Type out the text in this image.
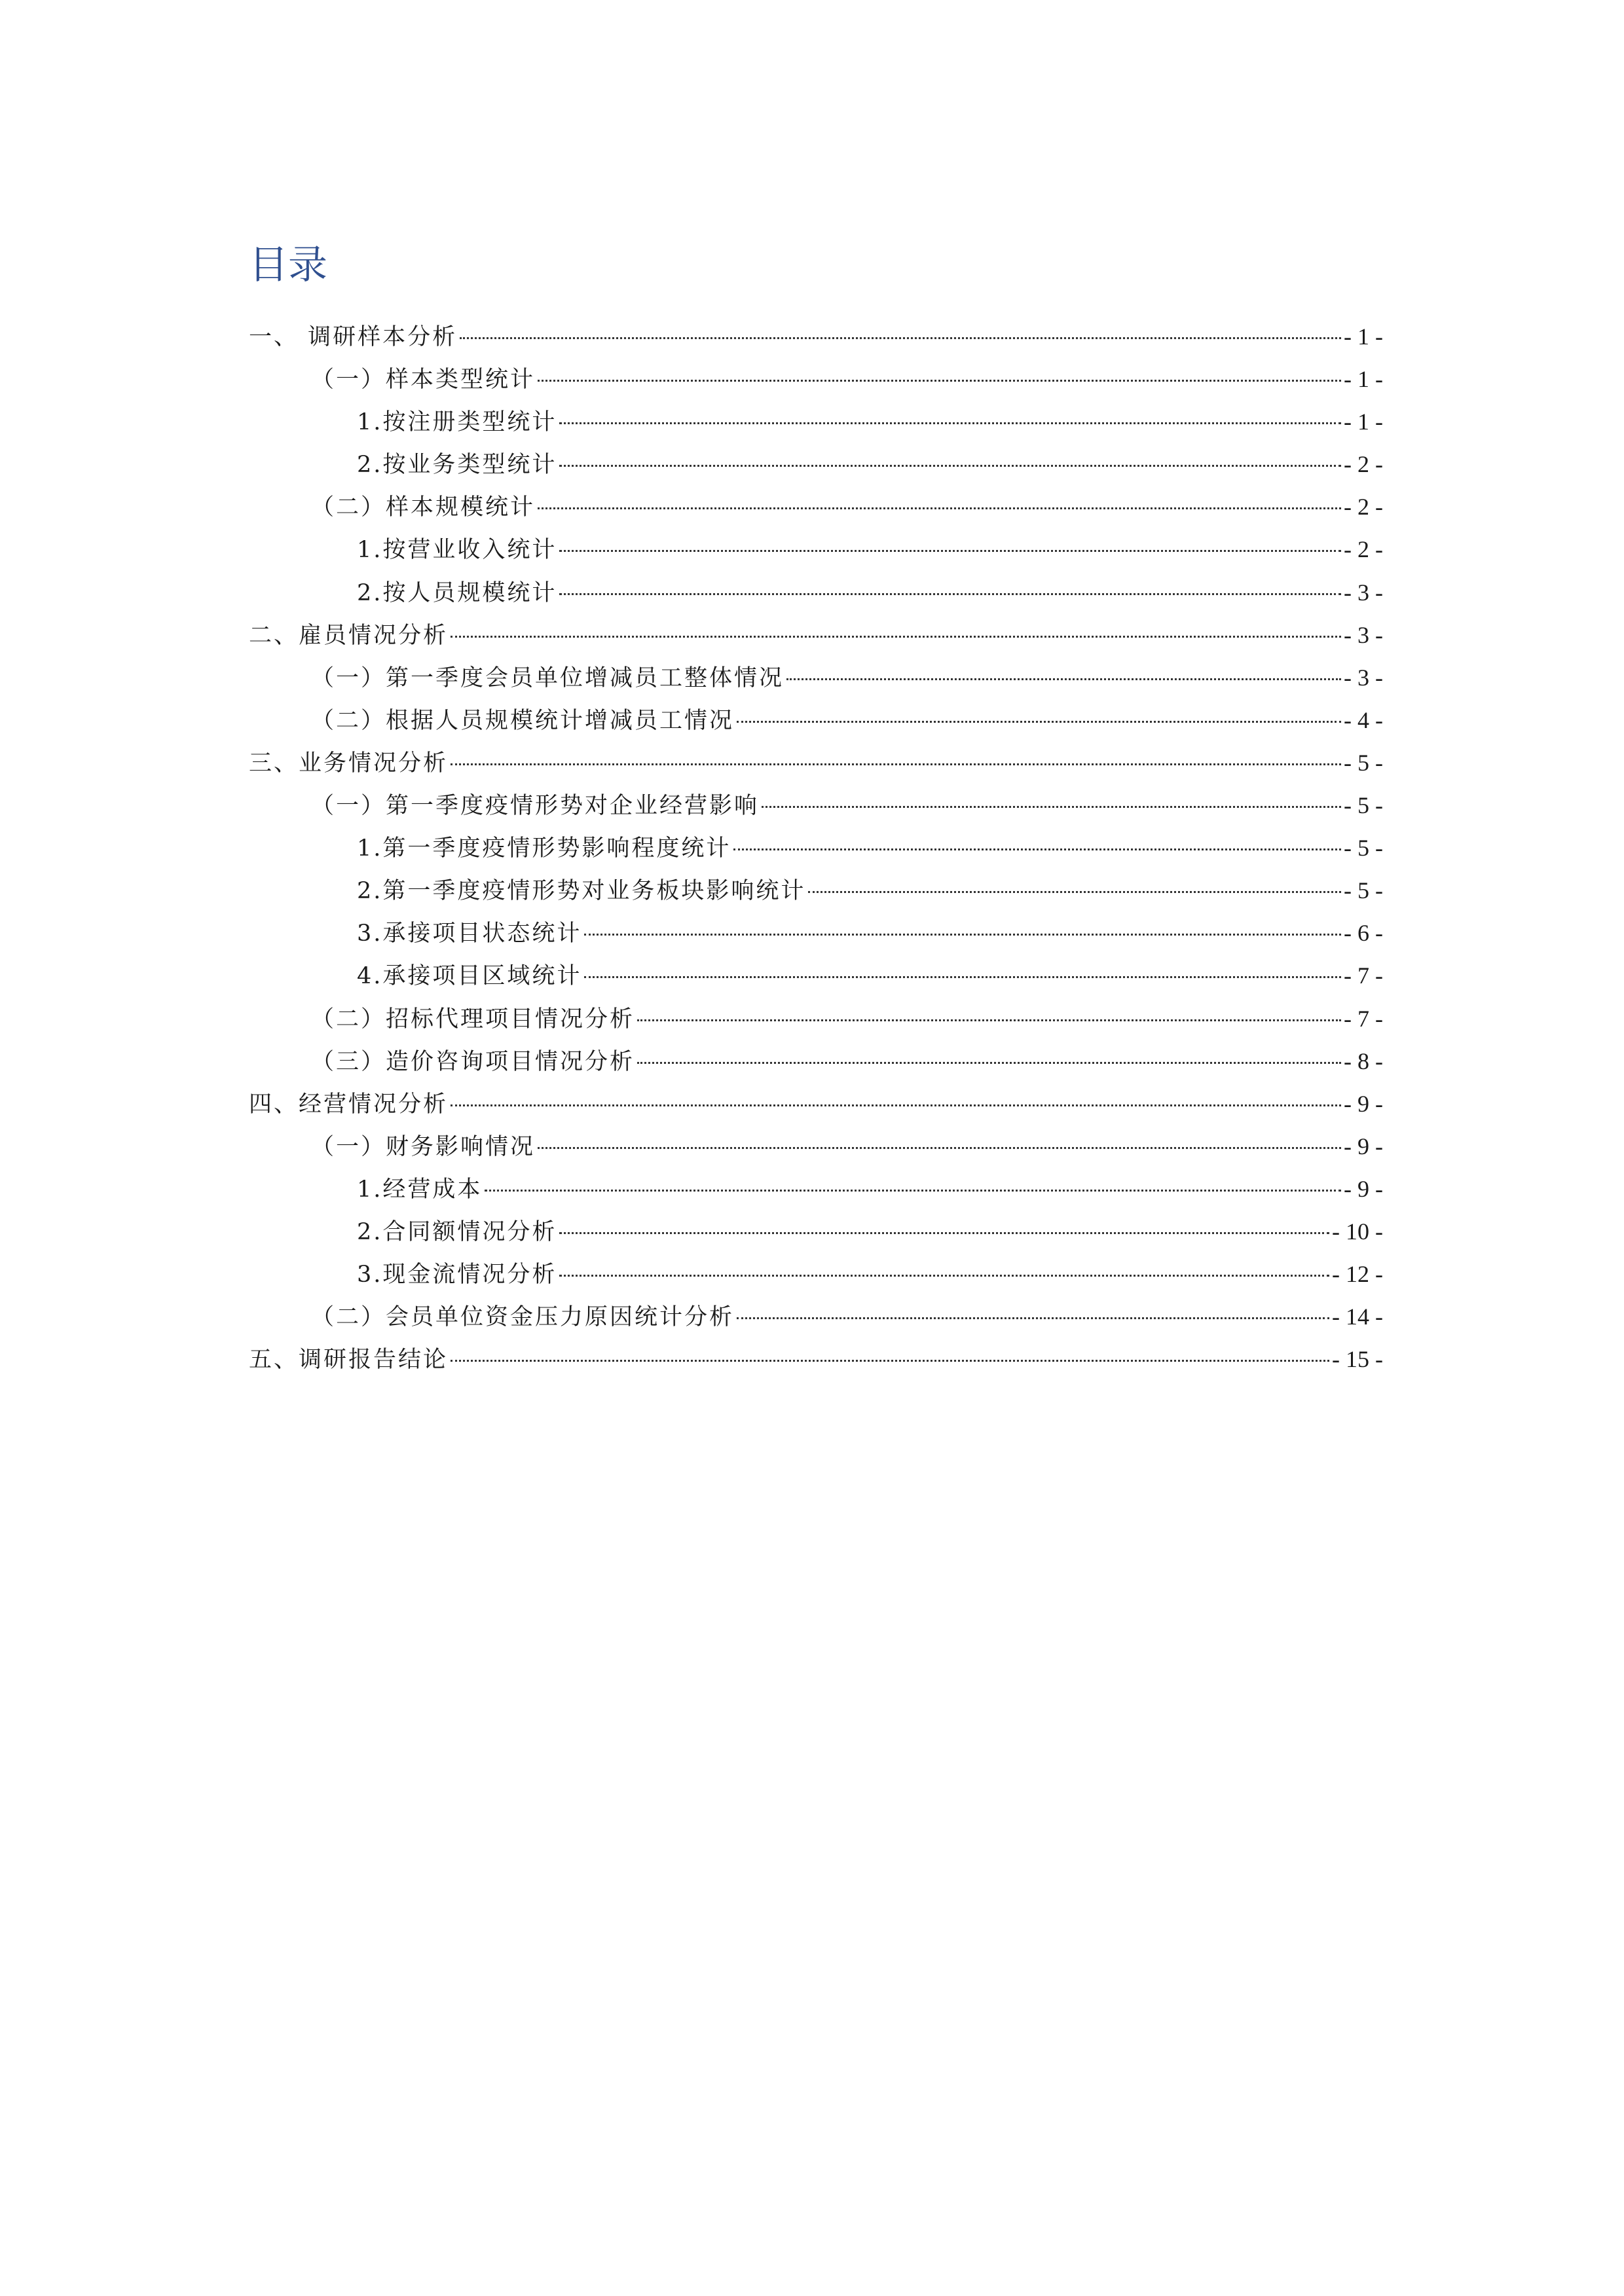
目录
一、 调研样本分析	- 1 -
（一）样本类型统计	- 1 -
1.按注册类型统计	- 1 -
2.按业务类型统计	- 2 -
（二）样本规模统计	- 2 -
1.按营业收入统计	- 2 -
2.按人员规模统计	- 3 -
二、雇员情况分析	- 3 -
（一）第一季度会员单位增减员工整体情况	- 3 -
（二）根据人员规模统计增减员工情况	- 4 -
三、业务情况分析	- 5 -
（一）第一季度疫情形势对企业经营影响	- 5 -
1.第一季度疫情形势影响程度统计	- 5 -
2.第一季度疫情形势对业务板块影响统计	- 5 -
3.承接项目状态统计	- 6 -
4.承接项目区域统计	- 7 -
（二）招标代理项目情况分析	- 7 -
（三）造价咨询项目情况分析	- 8 -
四、经营情况分析	- 9 -
（一）财务影响情况	- 9 -
1.经营成本	- 9 -
2.合同额情况分析	- 10 -
3.现金流情况分析	- 12 -
（二）会员单位资金压力原因统计分析	- 14 -
五、调研报告结论	- 15 -
